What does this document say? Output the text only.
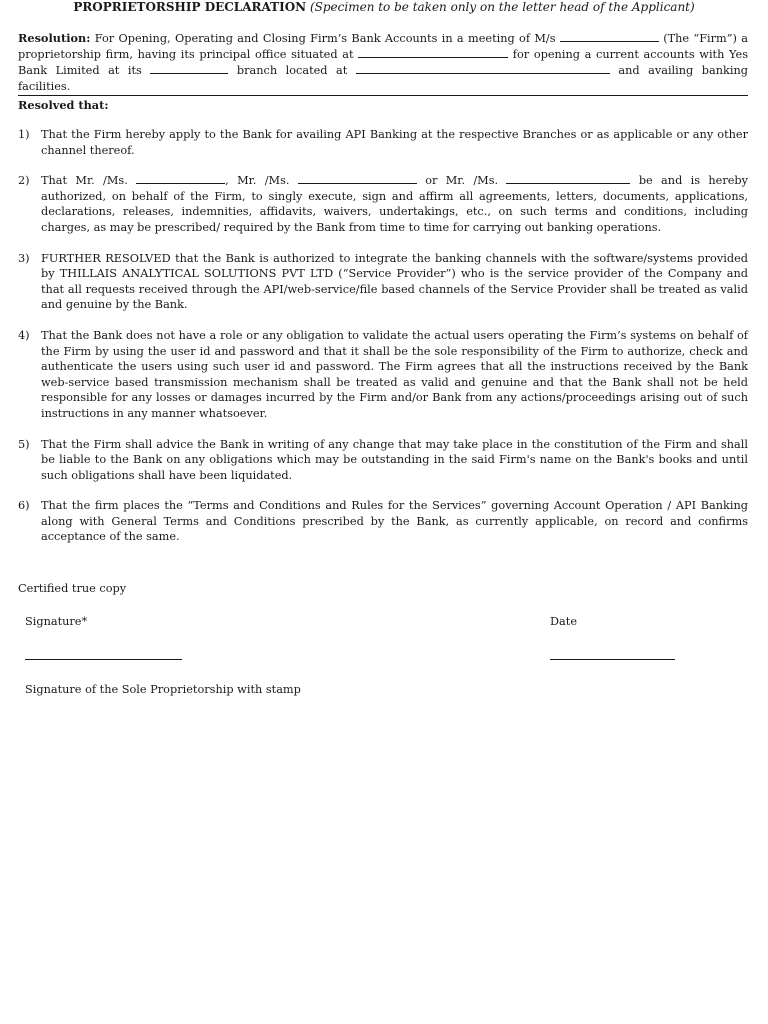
PROPRIETORSHIP DECLARATION (Specimen to be taken only on the letter head of the Applicant)
Resolution: For Opening, Operating and Closing Firm’s Bank Accounts in a meeting of M/s	(The “Firm”) a proprietorship firm, having its principal office situated at	for opening a current accounts with Yes Bank Limited at its	branch located at	and availing banking facilities.
Resolved that:
1)	That the Firm hereby apply to the Bank for availing API Banking at the respective Branches or as applicable or any other channel thereof.
2)	That Mr. /Ms.	, Mr. /Ms.	or Mr. /Ms.	be and is hereby authorized, on behalf of the Firm, to singly execute, sign and affirm all agreements, letters, documents, applications, declarations, releases, indemnities, affidavits, waivers, undertakings, etc., on such terms and conditions, including charges, as may be prescribed/ required by the Bank from time to time for carrying out banking operations.
3)	FURTHER RESOLVED that the Bank is authorized to integrate the banking channels with the software/systems provided by THILLAIS ANALYTICAL SOLUTIONS PVT LTD (“Service Provider”) who is the service provider of the Company and that all requests received through the API/web-service/file based channels of the Service Provider shall be treated as valid and genuine by the Bank.
4)	That the Bank does not have a role or any obligation to validate the actual users operating the Firm’s systems on behalf of the Firm by using the user id and password and that it shall be the sole responsibility of the Firm to authorize, check and authenticate the users using such user id and password. The Firm agrees that all the instructions received by the Bank web-service based transmission mechanism shall be treated as valid and genuine and that the Bank shall not be held responsible for any losses or damages incurred by the Firm and/or Bank from any actions/proceedings arising out of such instructions in any manner whatsoever.
5)	That the Firm shall advice the Bank in writing of any change that may take place in the constitution of the Firm and shall be liable to the Bank on any obligations which may be outstanding in the said Firm's name on the Bank's books and until such obligations shall have been liquidated.
6)	That the firm places the “Terms and Conditions and Rules for the Services” governing Account Operation / API Banking along with General Terms and Conditions prescribed by the Bank, as currently applicable, on record and confirms acceptance of the same.
Certified true copy
Signature*	Date
Signature of the Sole Proprietorship with stamp
